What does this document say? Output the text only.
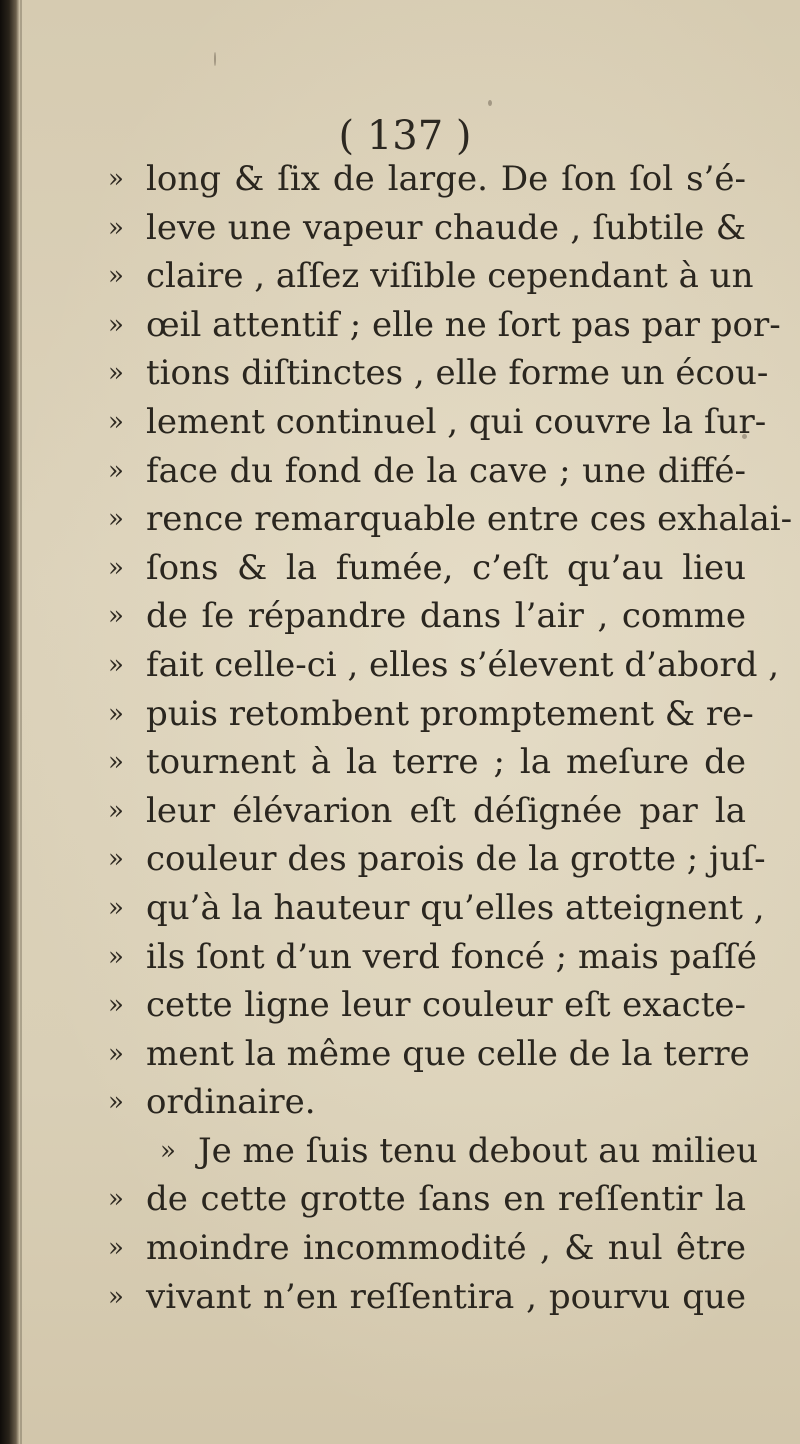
( 137 )
» long & ſix de large. De ſon ſol s’é-
» leve une vapeur chaude , ſubtile &
» claire , aſſez viſible cependant à un
» œil attentif ; elle ne ſort pas par por-
» tions diſtinctes , elle forme un écou-
» lement continuel , qui couvre la ſur-
» face du fond de la cave ; une diffé-
» rence remarquable entre ces exhalai-
» ſons & la fumée, c’eſt qu’au lieu
» de ſe répandre dans l’air , comme
» fait celle-ci , elles s’élevent d’abord ,
» puis retombent promptement & re-
» tournent à la terre ; la meſure de
» leur élévarion eſt déſignée par la
» couleur des parois de la grotte ; juſ-
» qu’à la hauteur qu’elles atteignent ,
» ils ſont d’un verd foncé ; mais paſſé
» cette ligne leur couleur eſt exacte-
» ment la même que celle de la terre
» ordinaire.
» Je me ſuis tenu debout au milieu
» de cette grotte ſans en reſſentir la
» moindre incommodité , & nul être
» vivant n’en reſſentira , pourvu que
